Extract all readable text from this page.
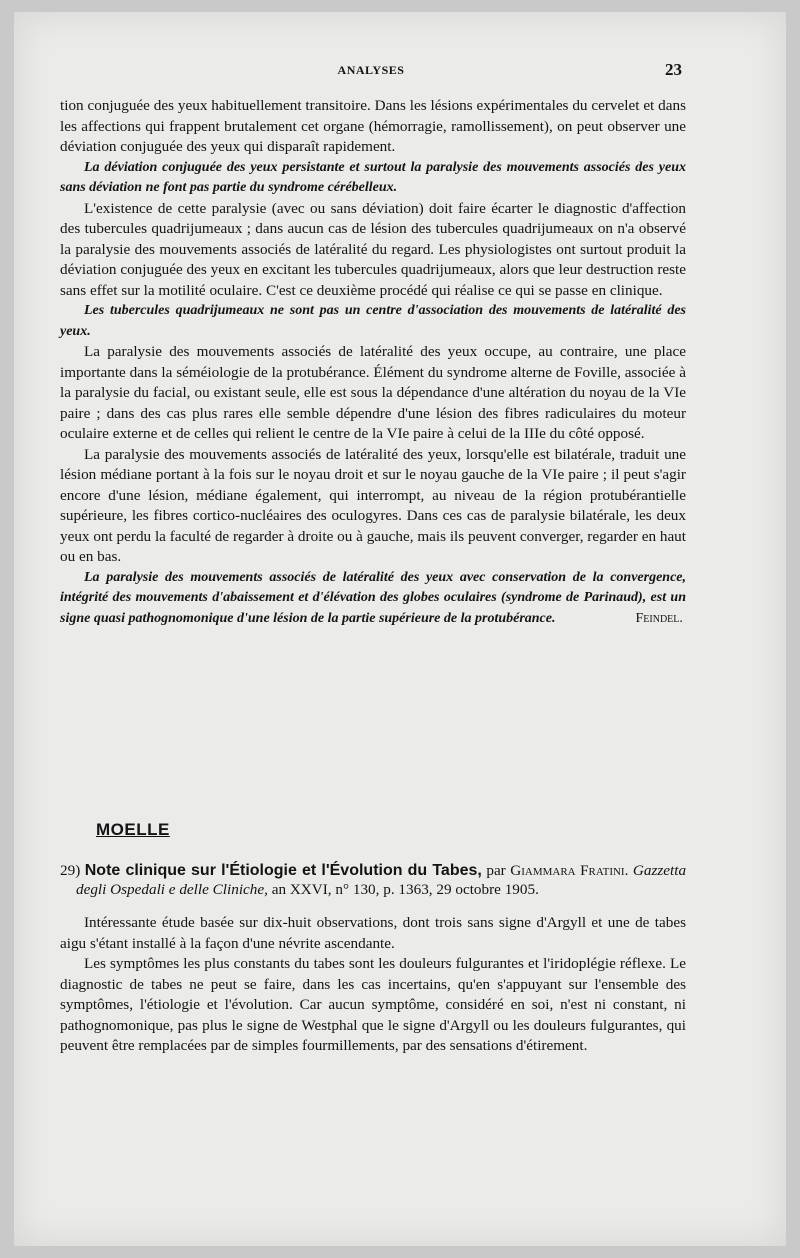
ANALYSES	23

tion conjuguée des yeux habituellement transitoire. Dans les lésions expérimentales du cervelet et dans les affections qui frappent brutalement cet organe (hémorragie, ramollissement), on peut observer une déviation conjuguée des yeux qui disparaît rapidement.

La déviation conjuguée des yeux persistante et surtout la paralysie des mouvements associés des yeux sans déviation ne font pas partie du syndrome cérébelleux.

L'existence de cette paralysie (avec ou sans déviation) doit faire écarter le diagnostic d'affection des tubercules quadrijumeaux ; dans aucun cas de lésion des tubercules quadrijumeaux on n'a observé la paralysie des mouvements associés de latéralité du regard. Les physiologistes ont surtout produit la déviation conjuguée des yeux en excitant les tubercules quadrijumeaux, alors que leur destruction reste sans effet sur la motilité oculaire. C'est ce deuxième procédé qui réalise ce qui se passe en clinique.

Les tubercules quadrijumeaux ne sont pas un centre d'association des mouvements de latéralité des yeux.

La paralysie des mouvements associés de latéralité des yeux occupe, au contraire, une place importante dans la séméiologie de la protubérance. Élément du syndrome alterne de Foville, associée à la paralysie du facial, ou existant seule, elle est sous la dépendance d'une altération du noyau de la VIe paire ; dans des cas plus rares elle semble dépendre d'une lésion des fibres radiculaires du moteur oculaire externe et de celles qui relient le centre de la VIe paire à celui de la IIIe du côté opposé.

La paralysie des mouvements associés de latéralité des yeux, lorsqu'elle est bilatérale, traduit une lésion médiane portant à la fois sur le noyau droit et sur le noyau gauche de la VIe paire ; il peut s'agir encore d'une lésion, médiane également, qui interrompt, au niveau de la région protubérantielle supérieure, les fibres cortico-nucléaires des oculogyres. Dans ces cas de paralysie bilatérale, les deux yeux ont perdu la faculté de regarder à droite ou à gauche, mais ils peuvent converger, regarder en haut ou en bas.

La paralysie des mouvements associés de latéralité des yeux avec conservation de la convergence, intégrité des mouvements d'abaissement et d'élévation des globes oculaires (syndrome de Parinaud), est un signe quasi pathognomonique d'une lésion de la partie supérieure de la protubérance.	Feindel.

MOELLE
29) Note clinique sur l'Étiologie et l'Évolution du Tabes, par Giammara Fratini. Gazzetta degli Ospedali e delle Cliniche, an XXVI, n° 130, p. 1363, 29 octobre 1905.

Intéressante étude basée sur dix-huit observations, dont trois sans signe d'Argyll et une de tabes aigu s'étant installé à la façon d'une névrite ascendante.

Les symptômes les plus constants du tabes sont les douleurs fulgurantes et l'iridoplégie réflexe. Le diagnostic de tabes ne peut se faire, dans les cas incertains, qu'en s'appuyant sur l'ensemble des symptômes, l'étiologie et l'évolution. Car aucun symptôme, considéré en soi, n'est ni constant, ni pathognomonique, pas plus le signe de Westphal que le signe d'Argyll ou les douleurs fulgurantes, qui peuvent être remplacées par de simples fourmillements, par des sensations d'étirement.
